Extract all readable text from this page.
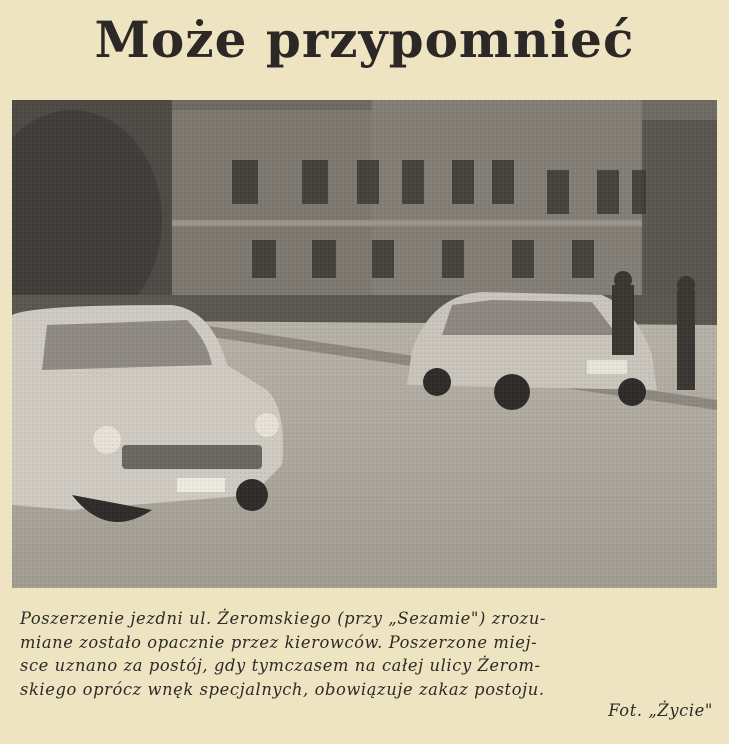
Może przypomnieć

Poszerzenie jezdni ul. Żeromskiego (przy „Sezamie") zrozu-
miane zostało opacznie przez kierowców. Poszerzone miej-
sce uznano za postój, gdy tymczasem na całej ulicy Żerom-
skiego oprócz wnęk specjalnych, obowiązuje zakaz postoju.

Fot. „Życie"
